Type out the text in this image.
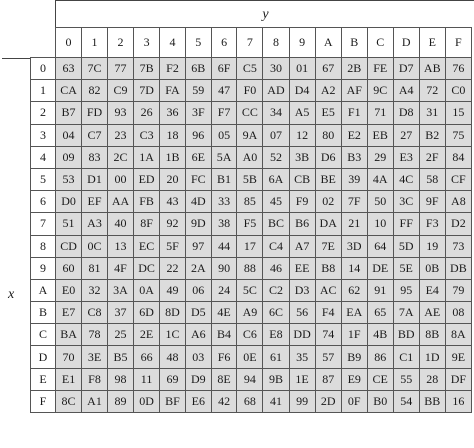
y
x
	0	1	2	3	4	5	6	7	8	9	A	B	C	D	E	F
0	63	7C	77	7B	F2	6B	6F	C5	30	01	67	2B	FE	D7	AB	76
1	CA	82	C9	7D	FA	59	47	F0	AD	D4	A2	AF	9C	A4	72	C0
2	B7	FD	93	26	36	3F	F7	CC	34	A5	E5	F1	71	D8	31	15
3	04	C7	23	C3	18	96	05	9A	07	12	80	E2	EB	27	B2	75
4	09	83	2C	1A	1B	6E	5A	A0	52	3B	D6	B3	29	E3	2F	84
5	53	D1	00	ED	20	FC	B1	5B	6A	CB	BE	39	4A	4C	58	CF
6	D0	EF	AA	FB	43	4D	33	85	45	F9	02	7F	50	3C	9F	A8
7	51	A3	40	8F	92	9D	38	F5	BC	B6	DA	21	10	FF	F3	D2
8	CD	0C	13	EC	5F	97	44	17	C4	A7	7E	3D	64	5D	19	73
9	60	81	4F	DC	22	2A	90	88	46	EE	B8	14	DE	5E	0B	DB
A	E0	32	3A	0A	49	06	24	5C	C2	D3	AC	62	91	95	E4	79
B	E7	C8	37	6D	8D	D5	4E	A9	6C	56	F4	EA	65	7A	AE	08
C	BA	78	25	2E	1C	A6	B4	C6	E8	DD	74	1F	4B	BD	8B	8A
D	70	3E	B5	66	48	03	F6	0E	61	35	57	B9	86	C1	1D	9E
E	E1	F8	98	11	69	D9	8E	94	9B	1E	87	E9	CE	55	28	DF
F	8C	A1	89	0D	BF	E6	42	68	41	99	2D	0F	B0	54	BB	16
